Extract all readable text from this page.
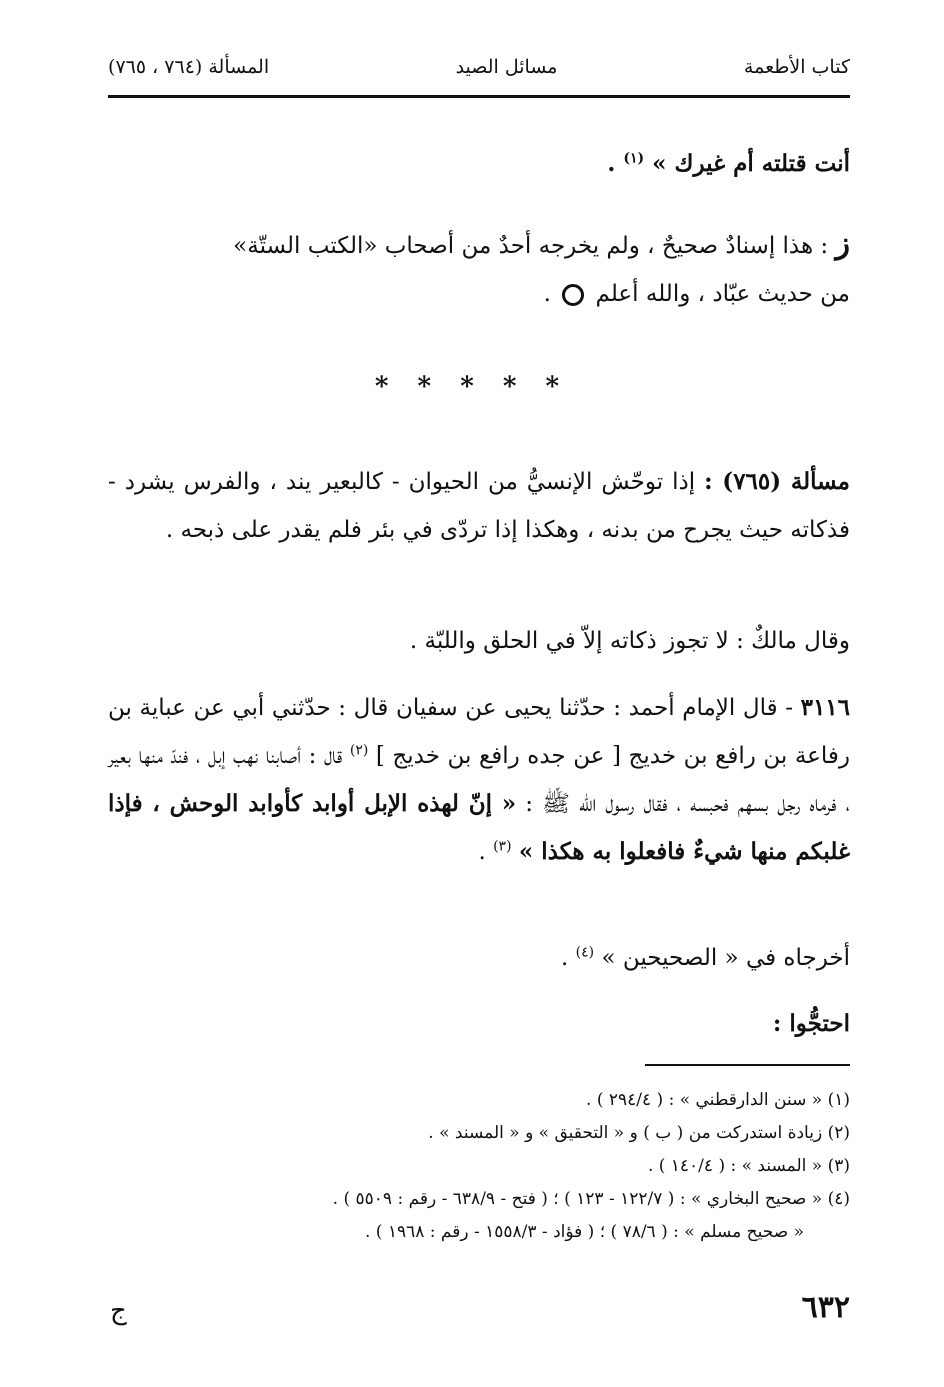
كتاب الأطعمة
مسائل الصيد
المسألة (٧٦٤ ، ٧٦٥)

أنت قتلته أم غيرك » $^{(١)}$ .

ز : هذا إسنادٌ صحيحٌ ، ولم يخرجه أحدٌ من أصحاب «الكتب الستّة»
من حديث عبّاد ، والله أعلم  .

* * * * *

مسألة (٧٦٥) : إذا توحّش الإنسيُّ من الحيوان - كالبعير يند ، والفرس يشرد - فذكاته حيث يجرح من بدنه ، وهكذا إذا تردّى في بئر فلم يقدر على ذبحه .

وقال مالكٌ : لا تجوز ذكاته إلاّ في الحلق واللبّة .

٣١١٦ - قال الإمام أحمد : حدّثنا يحيى عن سفيان قال : حدّثني أبي عن عباية بن رفاعة بن رافع بن خديج [ عن جده رافع بن خديج ] $^{(٢)}$ قال : أصابنا نهب إبل ، فندّ منها بعير ، فرماه رجل بسهم فحبسه ، فقال رسول الله ﷺ : « إنّ لهذه الإبل أوابد كأوابد الوحش ، فإذا غلبكم منها شيءٌ فافعلوا به هكذا » $^{(٣)}$ .

أخرجاه في « الصحيحين » $^{(٤)}$ .

احتجُّوا :

(١) « سنن الدارقطني » : ( ٢٩٤/٤ ) .
(٢) زيادة استدركت من ( ب ) و « التحقيق » و « المسند » .
(٣) « المسند » : ( ١٤٠/٤ ) .
(٤) « صحيح البخاري » : ( ١٢٢/٧ - ١٢٣ ) ؛ ( فتح - ٦٣٨/٩ - رقم : ٥٥٠٩ ) .
« صحيح مسلم » : ( ٧٨/٦ ) ؛ ( فؤاد - ١٥٥٨/٣ - رقم : ١٩٦٨ ) .
٦٣٢
ج
